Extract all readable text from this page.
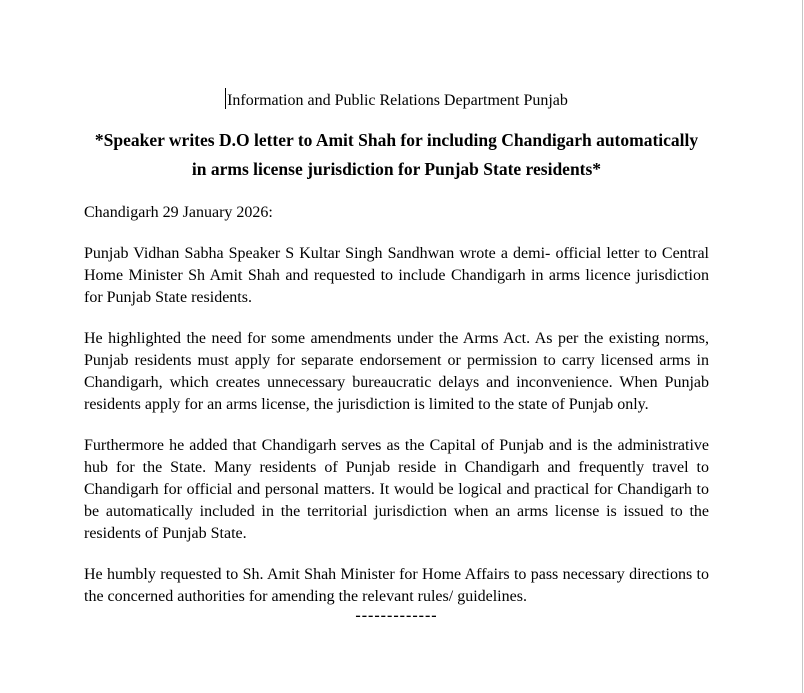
Information and Public Relations Department Punjab
*Speaker writes D.O letter to Amit Shah for including Chandigarh automatically in arms license jurisdiction for Punjab State residents*

Chandigarh 29 January 2026:

Punjab Vidhan Sabha Speaker S Kultar Singh Sandhwan wrote a demi- official letter to Central Home Minister Sh Amit Shah and requested to include Chandigarh in arms licence jurisdiction for Punjab State residents.

He highlighted the need for some amendments under the Arms Act. As per the existing norms, Punjab residents must apply for separate endorsement or permission to carry licensed arms in Chandigarh, which creates unnecessary bureaucratic delays and inconvenience. When Punjab residents apply for an arms license, the jurisdiction is limited to the state of Punjab only.

Furthermore he added that Chandigarh serves as the Capital of Punjab and is the administrative hub for the State. Many residents of Punjab reside in Chandigarh and frequently travel to Chandigarh for official and personal matters. It would be logical and practical for Chandigarh to be automatically included in the territorial jurisdiction when an arms license is issued to the residents of Punjab State.

He humbly requested to Sh. Amit Shah Minister for Home Affairs to pass necessary directions to the concerned authorities for amending the relevant rules/ guidelines.

-------------
